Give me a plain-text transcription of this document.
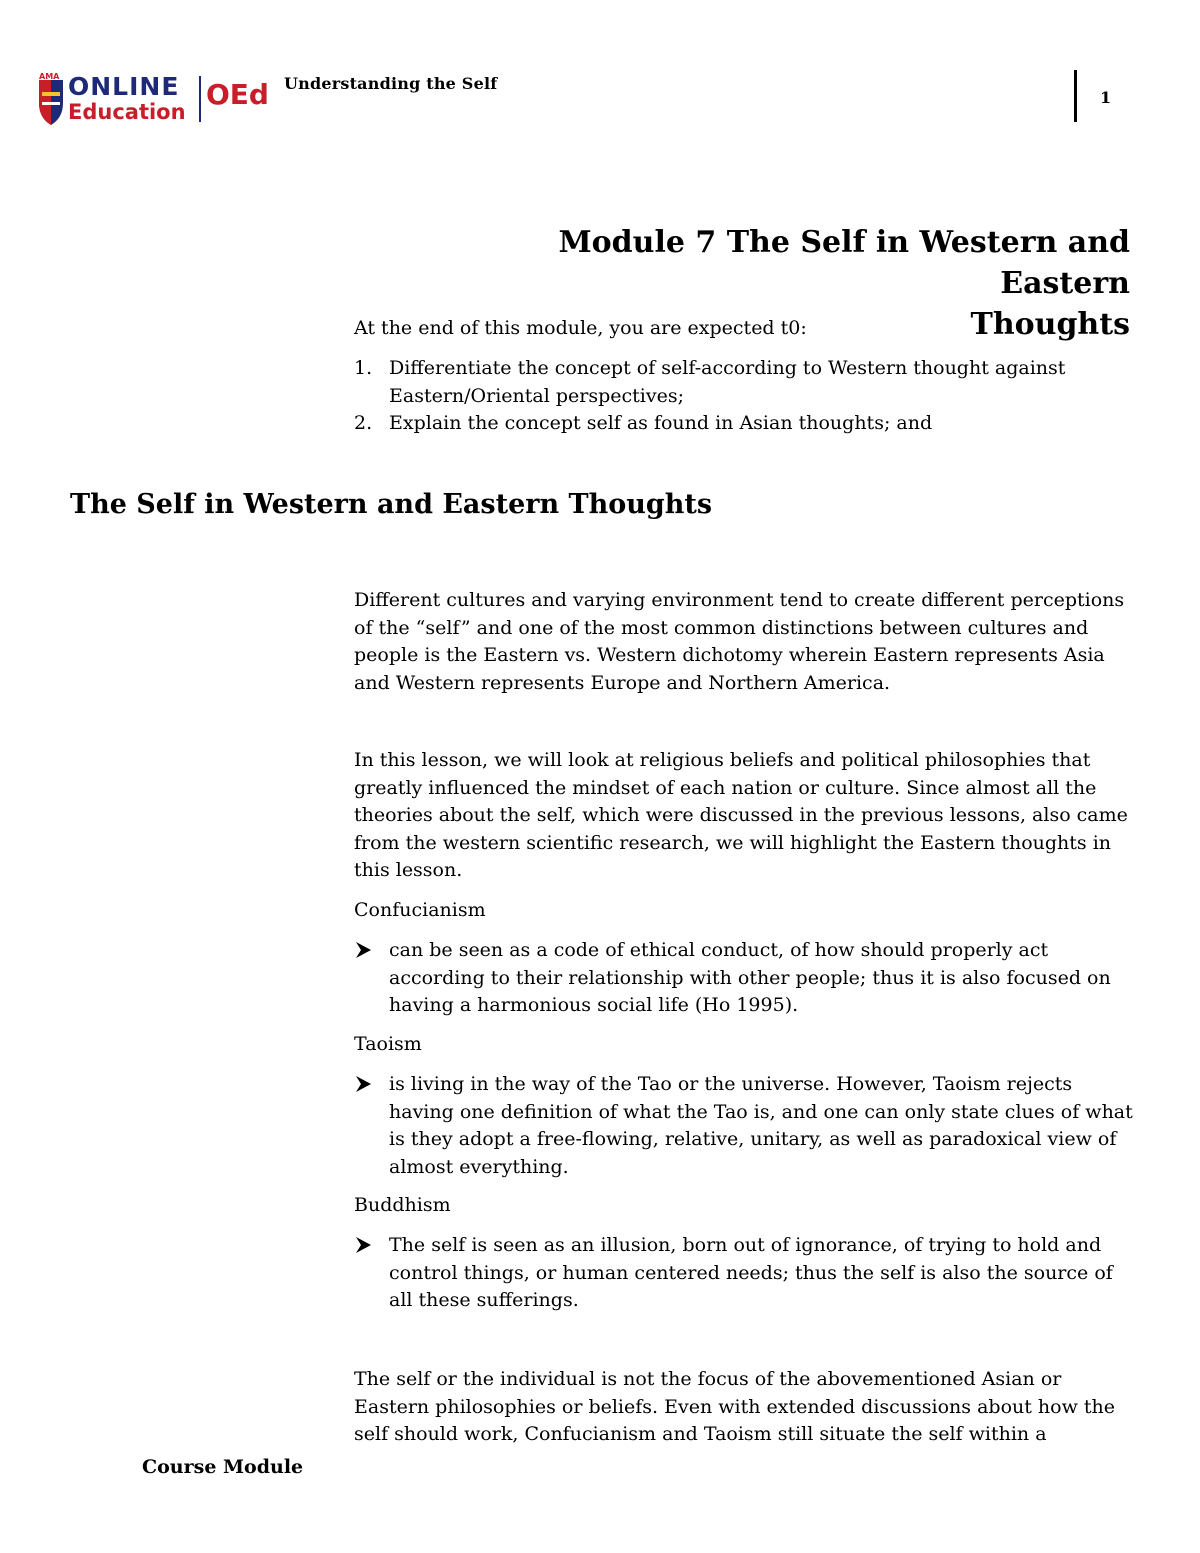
AMA ONLINE
Education
OEd Understanding the Self
1
Module 7 The Self in Western and Eastern
Thoughts
At the end of this module, you are expected t0:
1. Differentiate the concept of self-according to Western thought against Eastern/Oriental perspectives;
2. Explain the concept self as found in Asian thoughts; and
The Self in Western and Eastern Thoughts
Different cultures and varying environment tend to create different perceptions of the “self” and one of the most common distinctions between cultures and people is the Eastern vs. Western dichotomy wherein Eastern represents Asia and Western represents Europe and Northern America.
In this lesson, we will look at religious beliefs and political philosophies that greatly influenced the mindset of each nation or culture. Since almost all the theories about the self, which were discussed in the previous lessons, also came from the western scientific research, we will highlight the Eastern thoughts in this lesson.
Confucianism
can be seen as a code of ethical conduct, of how should properly act according to their relationship with other people; thus it is also focused on having a harmonious social life (Ho 1995).
Taoism
is living in the way of the Tao or the universe. However, Taoism rejects having one definition of what the Tao is, and one can only state clues of what is they adopt a free-flowing, relative, unitary, as well as paradoxical view of almost everything.
Buddhism
The self is seen as an illusion, born out of ignorance, of trying to hold and control things, or human centered needs; thus the self is also the source of all these sufferings.
The self or the individual is not the focus of the abovementioned Asian or Eastern philosophies or beliefs. Even with extended discussions about how the self should work, Confucianism and Taoism still situate the self within a
Course Module
